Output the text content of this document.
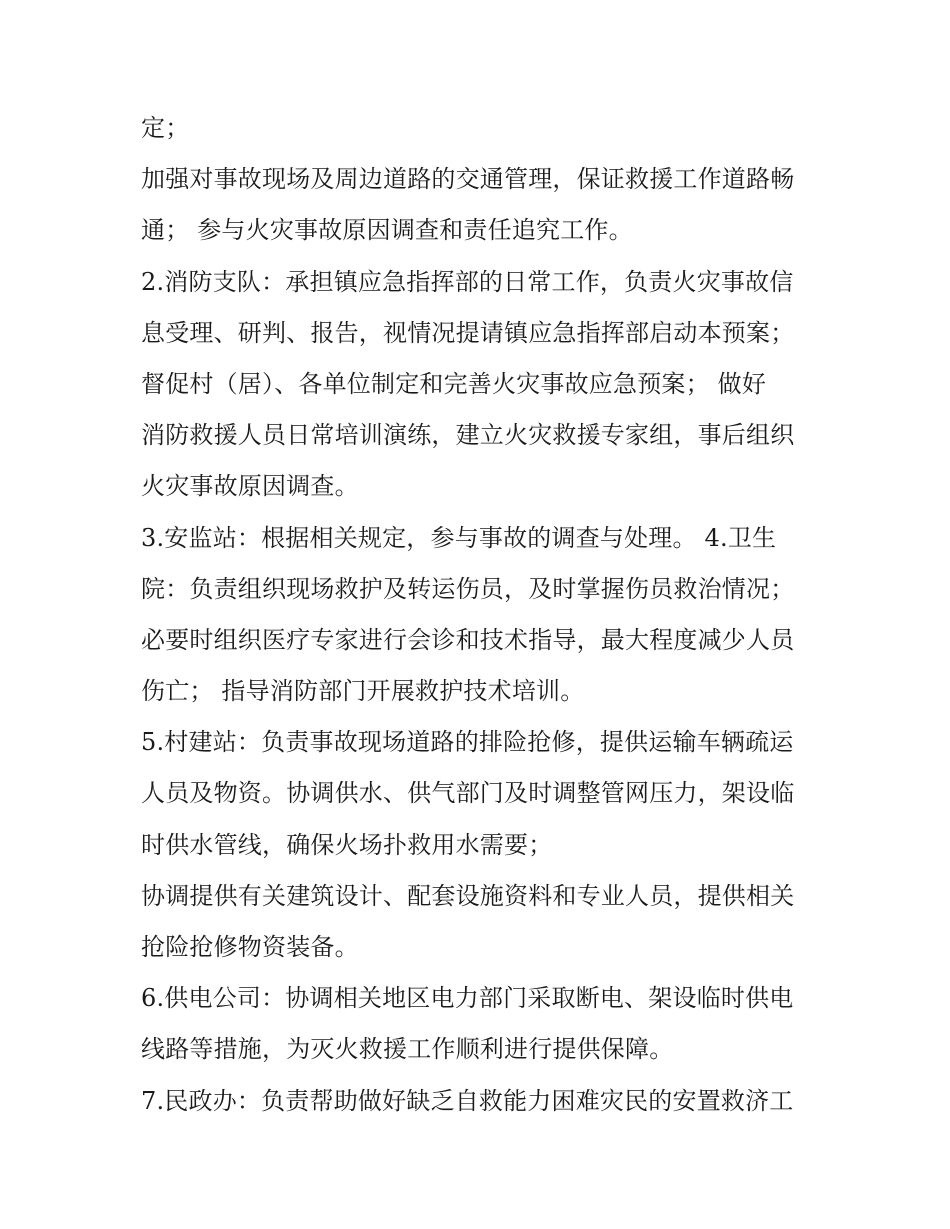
定；
加强对事故现场及周边道路的交通管理，保证救援工作道路畅
通； 参与火灾事故原因调查和责任追究工作。
2.消防支队：承担镇应急指挥部的日常工作，负责火灾事故信
息受理、研判、报告，视情况提请镇应急指挥部启动本预案；
督促村（居）、各单位制定和完善火灾事故应急预案； 做好
消防救援人员日常培训演练，建立火灾救援专家组，事后组织
火灾事故原因调查。
3.安监站：根据相关规定，参与事故的调查与处理。 4.卫生
院：负责组织现场救护及转运伤员，及时掌握伤员救治情况；
必要时组织医疗专家进行会诊和技术指导，最大程度减少人员
伤亡； 指导消防部门开展救护技术培训。
5.村建站：负责事故现场道路的排险抢修，提供运输车辆疏运
人员及物资。协调供水、供气部门及时调整管网压力，架设临
时供水管线，确保火场扑救用水需要；
协调提供有关建筑设计、配套设施资料和专业人员，提供相关
抢险抢修物资装备。
6.供电公司：协调相关地区电力部门采取断电、架设临时供电
线路等措施，为灭火救援工作顺利进行提供保障。
7.民政办：负责帮助做好缺乏自救能力困难灾民的安置救济工
